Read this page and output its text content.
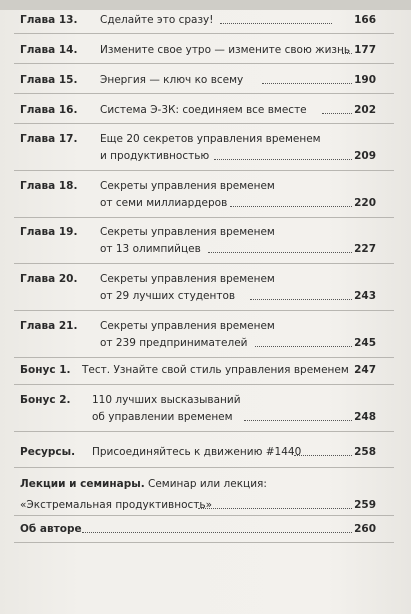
Глава 13. Сделайте это сразу!	166
Глава 14. Измените свое утро — измените свою жизнь 177
Глава 15. Энергия — ключ ко всему	190
Глава 16. Система Э-3К: соединяем все вместе	202
Глава 17. Еще 20 секретов управления временем
и продуктивностью	209
Глава 18. Секреты управления временем
от семи миллиардеров	220
Глава 19. Секреты управления временем
от 13 олимпийцев	227
Глава 20. Секреты управления временем
от 29 лучших студентов	243
Глава 21. Секреты управления временем
от 239 предпринимателей	245
Бонус 1. Тест. Узнайте свой стиль управления временем 247
Бонус 2. 110 лучших высказываний
об управлении временем	248
Ресурсы. Присоединяйтесь к движению #1440	258
Лекции и семинары. Семинар или лекция:
«Экстремальная продуктивность»	259
Об авторе	260
